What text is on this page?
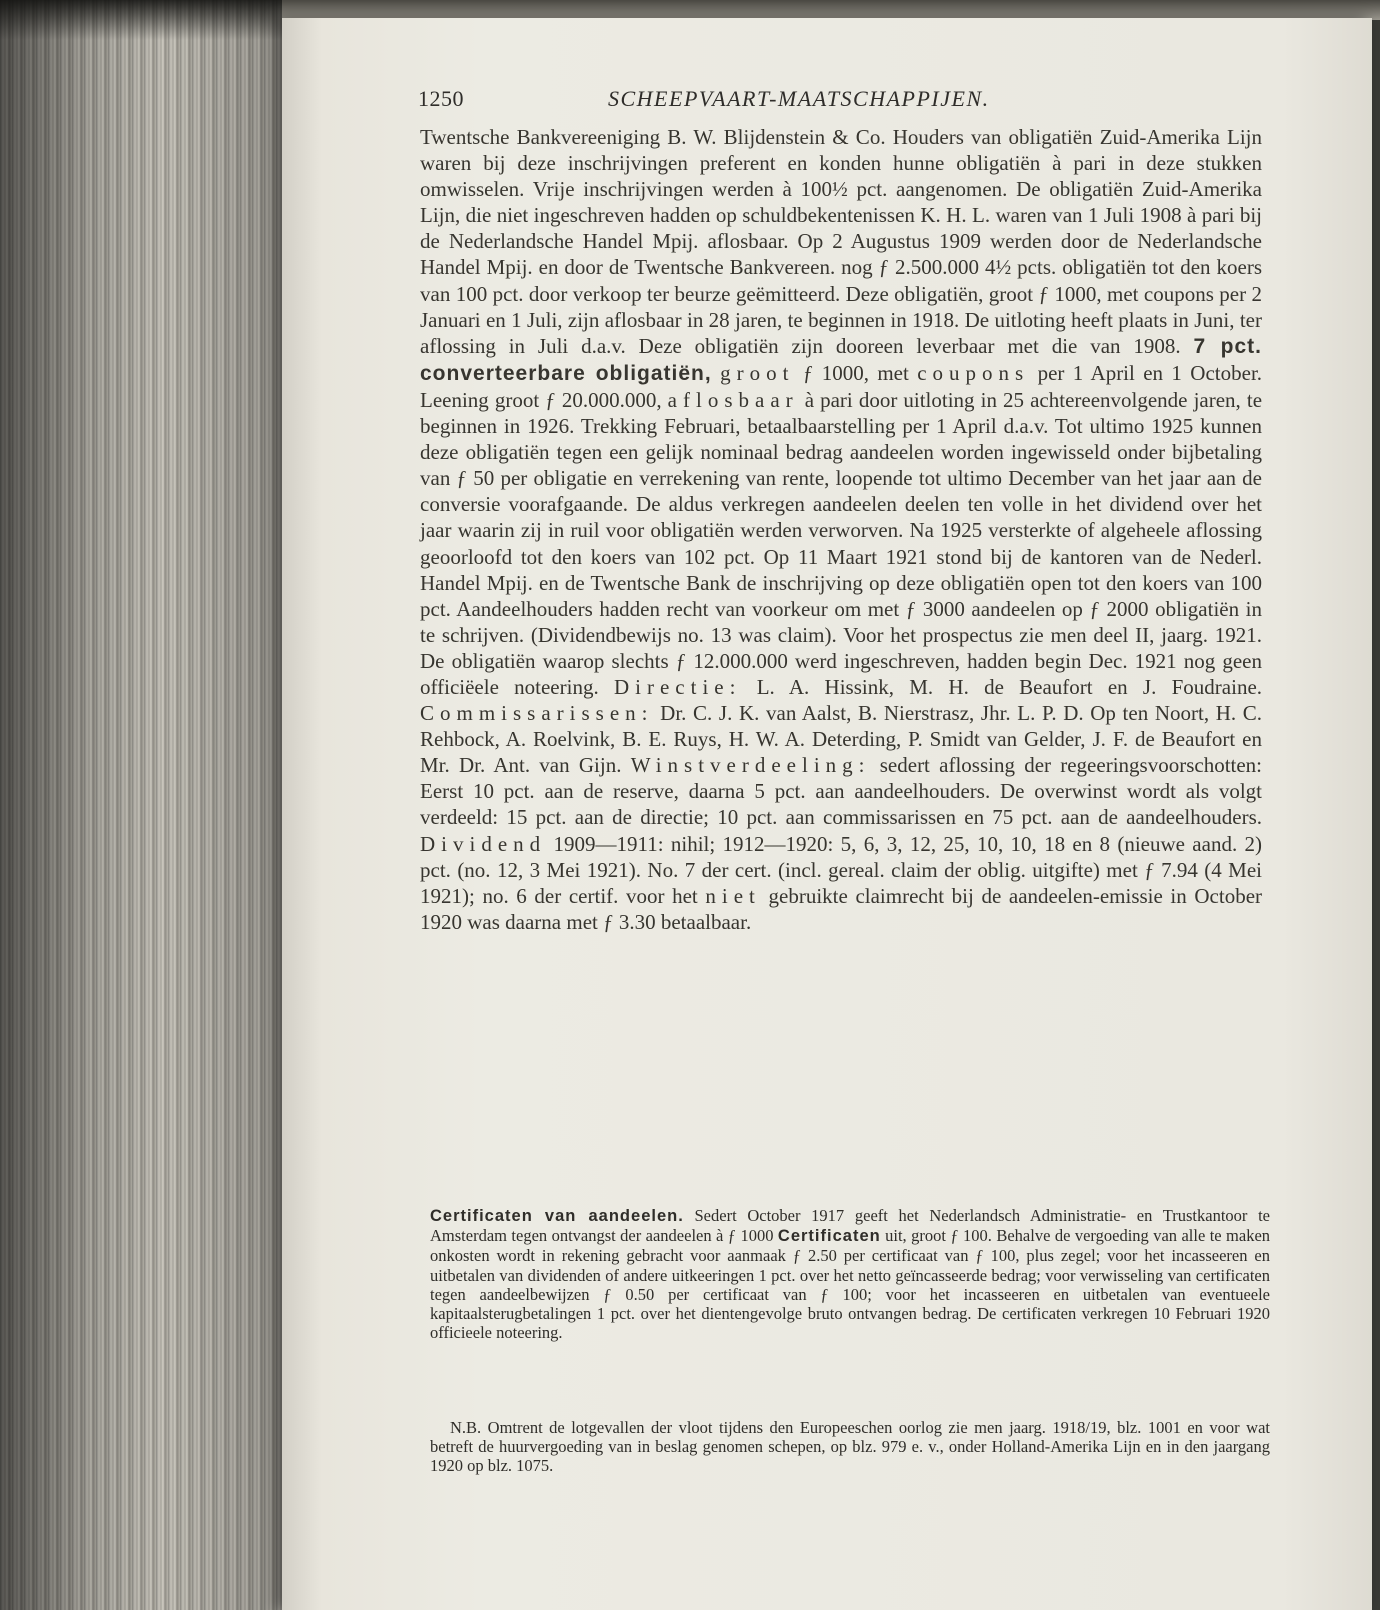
1250	SCHEEPVAART-MAATSCHAPPIJEN.
Twentsche Bankvereeniging B. W. Blijdenstein & Co. Houders van obligatiën Zuid-Amerika Lijn waren bij deze inschrijvingen preferent en konden hunne obligatiën à pari in deze stukken omwisselen. Vrije inschrijvingen werden à 100½ pct. aangenomen. De obligatiën Zuid-Amerika Lijn, die niet ingeschreven hadden op schuldbekentenissen K. H. L. waren van 1 Juli 1908 à pari bij de Nederlandsche Handel Mpij. aflosbaar. Op 2 Augustus 1909 werden door de Nederlandsche Handel Mpij. en door de Twentsche Bankvereen. nog ƒ 2.500.000 4½ pcts. obligatiën tot den koers van 100 pct. door verkoop ter beurze geëmitteerd. Deze obligatiën, groot ƒ 1000, met coupons per 2 Januari en 1 Juli, zijn aflosbaar in 28 jaren, te beginnen in 1918. De uitloting heeft plaats in Juni, ter aflossing in Juli d.a.v. Deze obligatiën zijn dooreen leverbaar met die van 1908. 7 pct. converteerbare obligatiën, groot ƒ 1000, met coupons per 1 April en 1 October. Leening groot ƒ 20.000.000, aflosbaar à pari door uitloting in 25 achtereenvolgende jaren, te beginnen in 1926. Trekking Februari, betaalbaarstelling per 1 April d.a.v. Tot ultimo 1925 kunnen deze obligatiën tegen een gelijk nominaal bedrag aandeelen worden ingewisseld onder bijbetaling van ƒ 50 per obligatie en verrekening van rente, loopende tot ultimo December van het jaar aan de conversie voorafgaande. De aldus verkregen aandeelen deelen ten volle in het dividend over het jaar waarin zij in ruil voor obligatiën werden verworven. Na 1925 versterkte of algeheele aflossing geoorloofd tot den koers van 102 pct. Op 11 Maart 1921 stond bij de kantoren van de Nederl. Handel Mpij. en de Twentsche Bank de inschrijving op deze obligatiën open tot den koers van 100 pct. Aandeelhouders hadden recht van voorkeur om met ƒ 3000 aandeelen op ƒ 2000 obligatiën in te schrijven. (Dividendbewijs no. 13 was claim). Voor het prospectus zie men deel II, jaarg. 1921. De obligatiën waarop slechts ƒ 12.000.000 werd ingeschreven, hadden begin Dec. 1921 nog geen officiëele noteering. Directie: L. A. Hissink, M. H. de Beaufort en J. Foudraine. Commissarissen: Dr. C. J. K. van Aalst, B. Nierstrasz, Jhr. L. P. D. Op ten Noort, H. C. Rehbock, A. Roelvink, B. E. Ruys, H. W. A. Deterding, P. Smidt van Gelder, J. F. de Beaufort en Mr. Dr. Ant. van Gijn. Winstverdeeling: sedert aflossing der regeeringsvoorschotten: Eerst 10 pct. aan de reserve, daarna 5 pct. aan aandeelhouders. De overwinst wordt als volgt verdeeld: 15 pct. aan de directie; 10 pct. aan commissarissen en 75 pct. aan de aandeelhouders. Dividend 1909—1911: nihil; 1912—1920: 5, 6, 3, 12, 25, 10, 10, 18 en 8 (nieuwe aand. 2) pct. (no. 12, 3 Mei 1921). No. 7 der cert. (incl. gereal. claim der oblig. uitgifte) met ƒ 7.94 (4 Mei 1921); no. 6 der certif. voor het niet gebruikte claimrecht bij de aandeelen-emissie in October 1920 was daarna met ƒ 3.30 betaalbaar.
Certificaten van aandeelen. Sedert October 1917 geeft het Nederlandsch Administratie- en Trustkantoor te Amsterdam tegen ontvangst der aandeelen à ƒ 1000 Certificaten uit, groot ƒ 100. Behalve de vergoeding van alle te maken onkosten wordt in rekening gebracht voor aanmaak ƒ 2.50 per certificaat van ƒ 100, plus zegel; voor het incasseeren en uitbetalen van dividenden of andere uitkeeringen 1 pct. over het netto geïncasseerde bedrag; voor verwisseling van certificaten tegen aandeelbewijzen ƒ 0.50 per certificaat van ƒ 100; voor het incasseeren en uitbetalen van eventueele kapitaalsterugbetalingen 1 pct. over het dientengevolge bruto ontvangen bedrag. De certificaten verkregen 10 Februari 1920 officieele noteering.
N.B. Omtrent de lotgevallen der vloot tijdens den Europeeschen oorlog zie men jaarg. 1918/19, blz. 1001 en voor wat betreft de huurvergoeding van in beslag genomen schepen, op blz. 979 e. v., onder Holland-Amerika Lijn en in den jaargang 1920 op blz. 1075.
